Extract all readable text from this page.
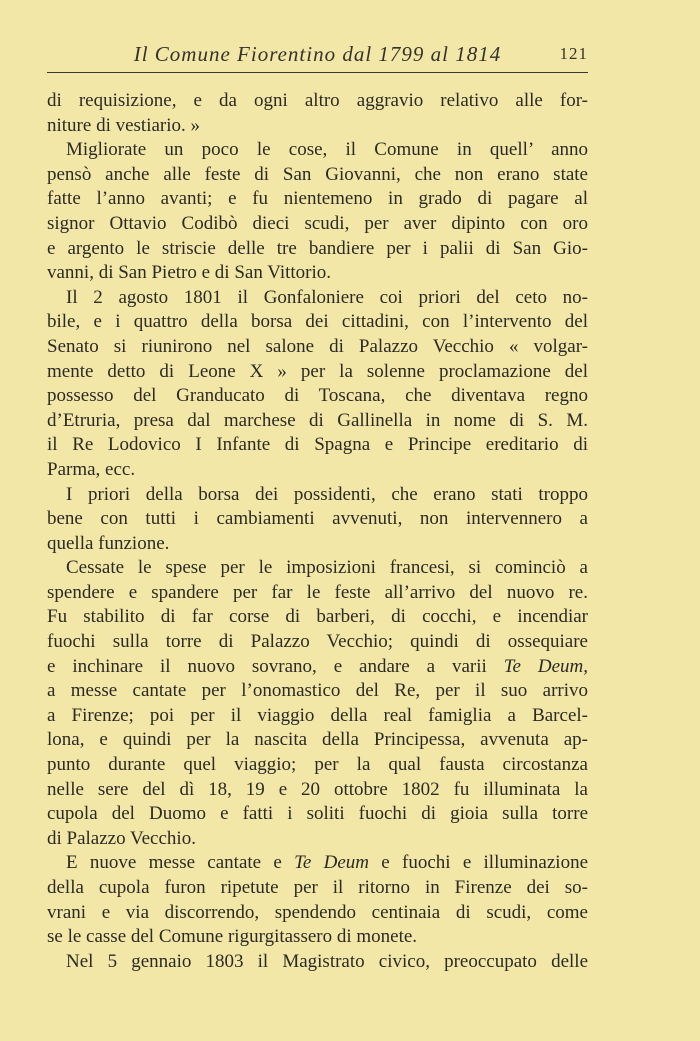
Il Comune Fiorentino dal 1799 al 1814	121
di requisizione, e da ogni altro aggravio relativo alle for-
niture di vestiario. »
Migliorate un poco le cose, il Comune in quell’ anno
pensò anche alle feste di San Giovanni, che non erano state
fatte l’anno avanti; e fu nientemeno in grado di pagare al
signor Ottavio Codibò dieci scudi, per aver dipinto con oro
e argento le striscie delle tre bandiere per i palii di San Gio-
vanni, di San Pietro e di San Vittorio.
Il 2 agosto 1801 il Gonfaloniere coi priori del ceto no-
bile, e i quattro della borsa dei cittadini, con l’intervento del
Senato si riunirono nel salone di Palazzo Vecchio « volgar-
mente detto di Leone X » per la solenne proclamazione del
possesso del Granducato di Toscana, che diventava regno
d’Etruria, presa dal marchese di Gallinella in nome di S. M.
il Re Lodovico I Infante di Spagna e Principe ereditario di
Parma, ecc.
I priori della borsa dei possidenti, che erano stati troppo
bene con tutti i cambiamenti avvenuti, non intervennero a
quella funzione.
Cessate le spese per le imposizioni francesi, si cominciò a
spendere e spandere per far le feste all’arrivo del nuovo re.
Fu stabilito di far corse di barberi, di cocchi, e incendiar
fuochi sulla torre di Palazzo Vecchio; quindi di ossequiare
e inchinare il nuovo sovrano, e andare a varii Te Deum,
a messe cantate per l’onomastico del Re, per il suo arrivo
a Firenze; poi per il viaggio della real famiglia a Barcel-
lona, e quindi per la nascita della Principessa, avvenuta ap-
punto durante quel viaggio; per la qual fausta circostanza
nelle sere del dì 18, 19 e 20 ottobre 1802 fu illuminata la
cupola del Duomo e fatti i soliti fuochi di gioia sulla torre
di Palazzo Vecchio.
E nuove messe cantate e Te Deum e fuochi e illuminazione
della cupola furon ripetute per il ritorno in Firenze dei so-
vrani e via discorrendo, spendendo centinaia di scudi, come
se le casse del Comune rigurgitassero di monete.
Nel 5 gennaio 1803 il Magistrato civico, preoccupato delle
